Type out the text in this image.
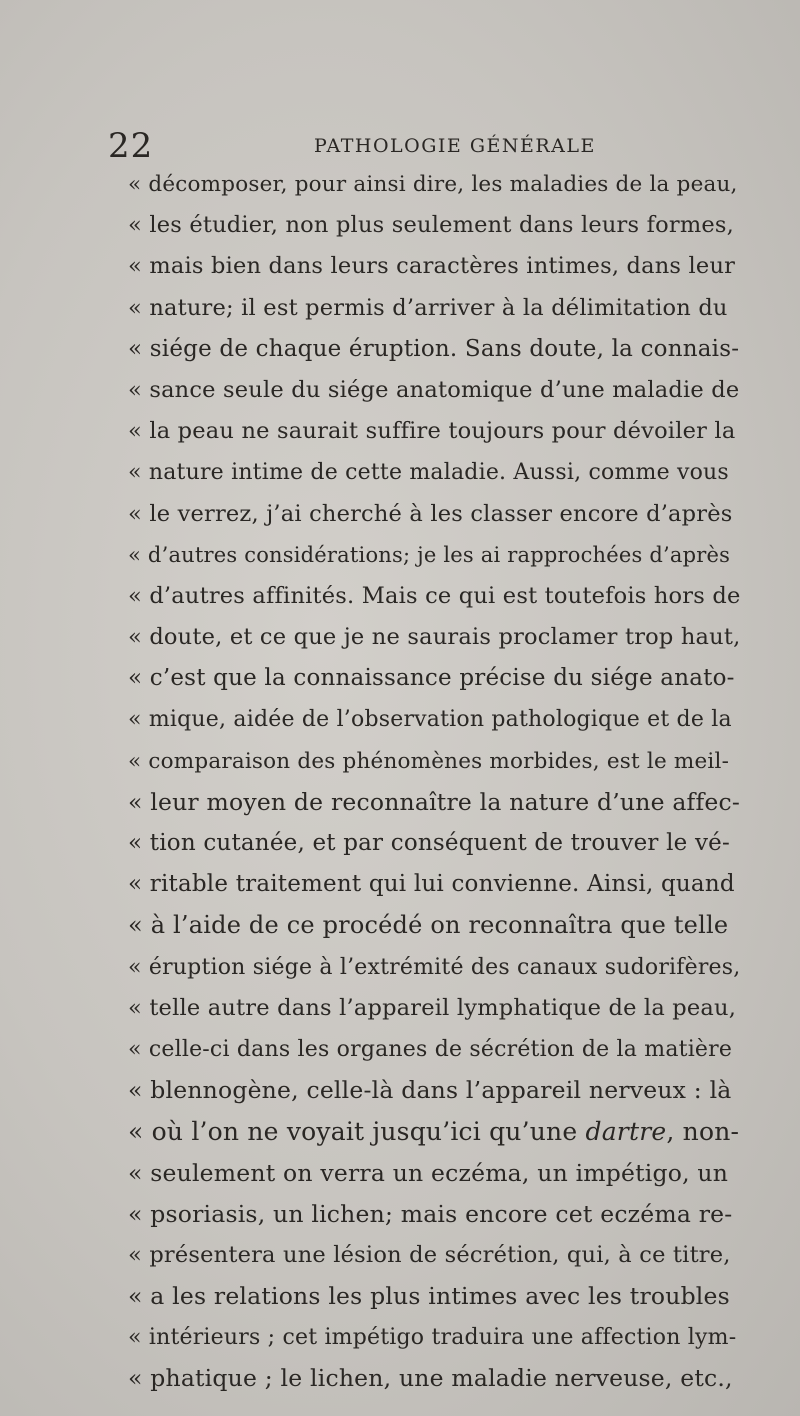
22	PATHOLOGIE GÉNÉRALE
« décomposer, pour ainsi dire, les maladies de la peau,
« les étudier, non plus seulement dans leurs formes,
« mais bien dans leurs caractères intimes, dans leur
« nature; il est permis d’arriver à la délimitation du
« siége de chaque éruption. Sans doute, la connais-
« sance seule du siége anatomique d’une maladie de
« la peau ne saurait suffire toujours pour dévoiler la
« nature intime de cette maladie. Aussi, comme vous
« le verrez, j’ai cherché à les classer encore d’après
« d’autres considérations; je les ai rapprochées d’après
« d’autres affinités. Mais ce qui est toutefois hors de
« doute, et ce que je ne saurais proclamer trop haut,
« c’est que la connaissance précise du siége anato-
« mique, aidée de l’observation pathologique et de la
« comparaison des phénomènes morbides, est le meil-
« leur moyen de reconnaître la nature d’une affec-
« tion cutanée, et par conséquent de trouver le vé-
« ritable traitement qui lui convienne. Ainsi, quand
« à l’aide de ce procédé on reconnaîtra que telle
« éruption siége à l’extrémité des canaux sudorifères,
« telle autre dans l’appareil lymphatique de la peau,
« celle-ci dans les organes de sécrétion de la matière
« blennogène, celle-là dans l’appareil nerveux : là
« où l’on ne voyait jusqu’ici qu’une dartre, non-
« seulement on verra un eczéma, un impétigo, un
« psoriasis, un lichen; mais encore cet eczéma re-
« présentera une lésion de sécrétion, qui, à ce titre,
« a les relations les plus intimes avec les troubles
« intérieurs ; cet impétigo traduira une affection lym-
« phatique ; le lichen, une maladie nerveuse, etc.,
